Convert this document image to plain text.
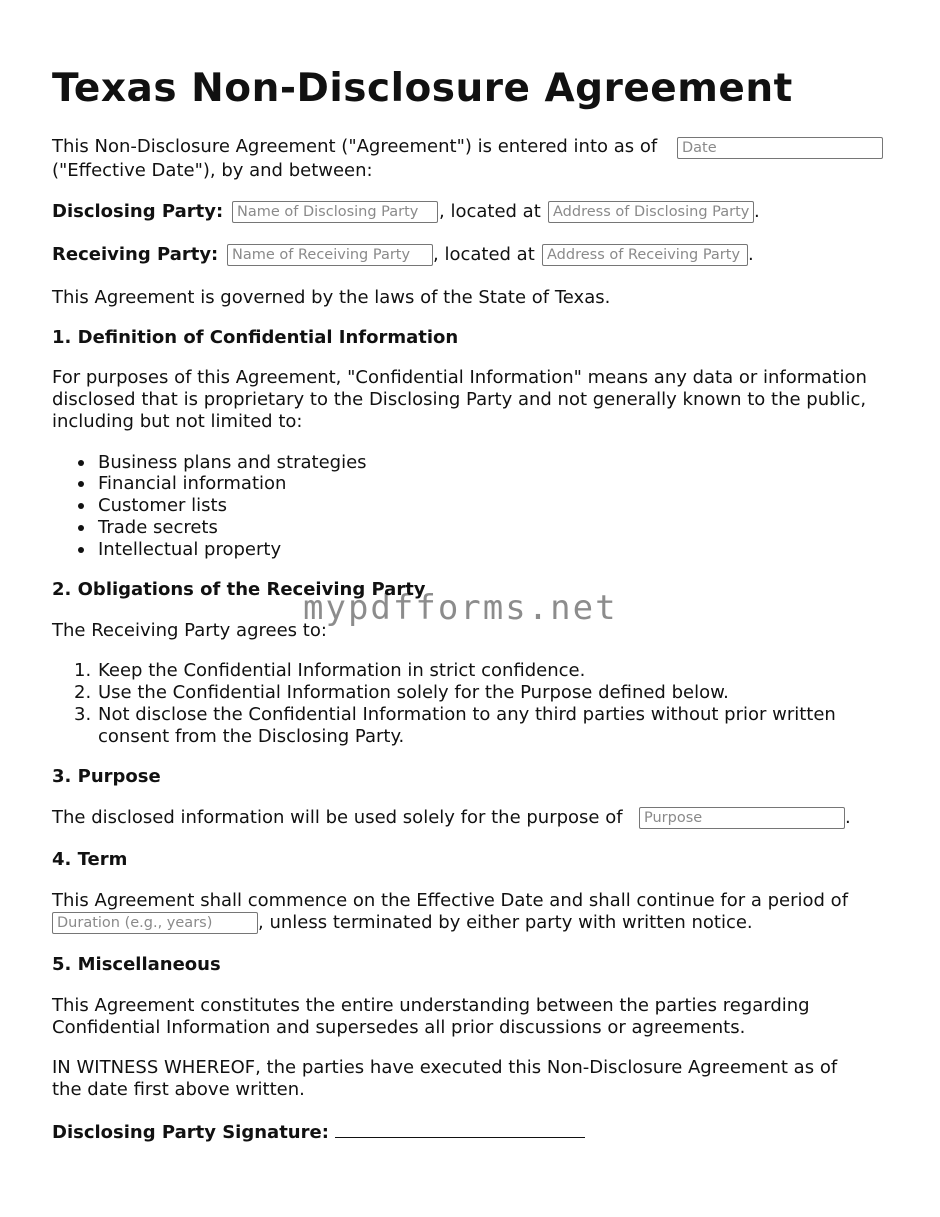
Texas Non-Disclosure Agreement
This Non-Disclosure Agreement ("Agreement") is entered into as of
Date
("Effective Date"), by and between:
Disclosing Party:
Name of Disclosing Party	, located at
Address of Disclosing Party	.
Receiving Party:
Name of Receiving Party	, located at
Address of Receiving Party	.
This Agreement is governed by the laws of the State of Texas.
1. Definition of Confidential Information
For purposes of this Agreement, "Confidential Information" means any data or information
disclosed that is proprietary to the Disclosing Party and not generally known to the public,
including but not limited to:
Business plans and strategies
Financial information
Customer lists
Trade secrets
Intellectual property
2. Obligations of the Receiving Party
The Receiving Party agrees to:
1. Keep the Confidential Information in strict confidence.
2. Use the Confidential Information solely for the Purpose defined below.
3. Not disclose the Confidential Information to any third parties without prior written
consent from the Disclosing Party.
3. Purpose
The disclosed information will be used solely for the purpose of
Purpose	.
4. Term
This Agreement shall commence on the Effective Date and shall continue for a period of
Duration (e.g., years)
, unless terminated by either party with written notice.
5. Miscellaneous
This Agreement constitutes the entire understanding between the parties regarding
Confidential Information and supersedes all prior discussions or agreements.
IN WITNESS WHEREOF, the parties have executed this Non-Disclosure Agreement as of
the date first above written.
Disclosing Party Signature:
mypdfforms.net
